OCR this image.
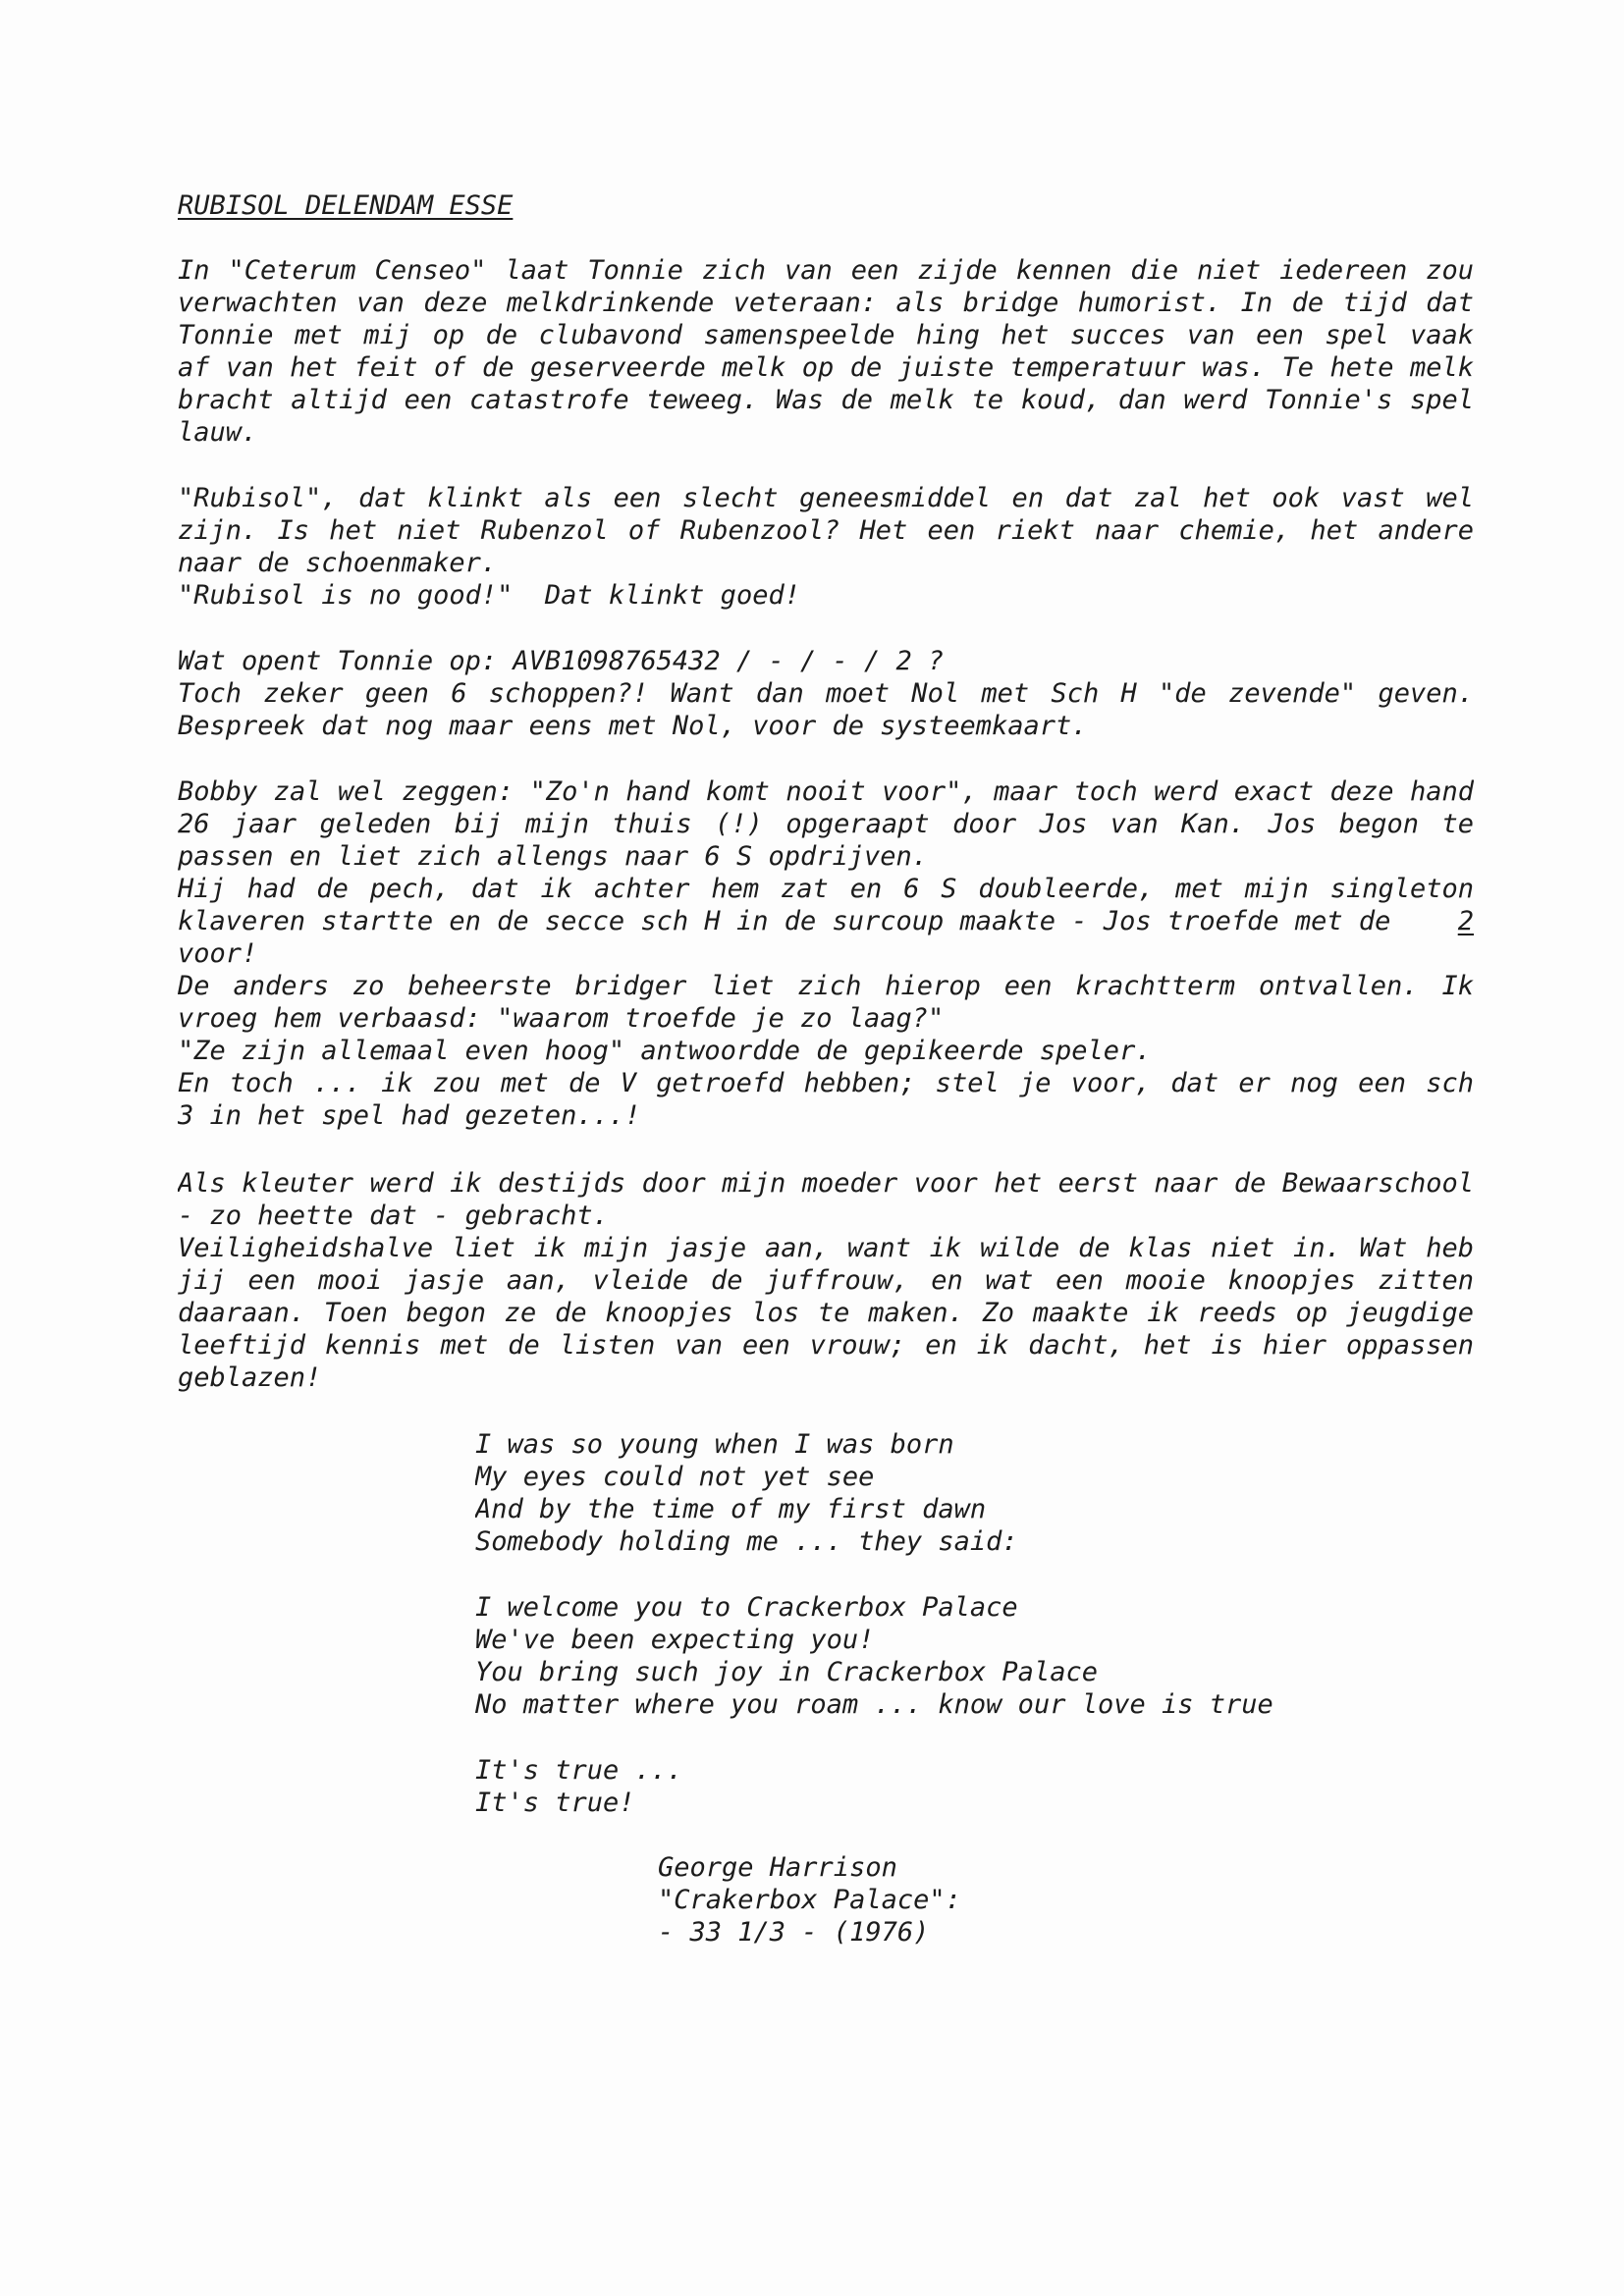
RUBISOL DELENDAM ESSE
In "Ceterum Censeo" laat Tonnie zich van een zijde kennen die niet iedereen zou
verwachten van deze melkdrinkende veteraan: als bridge humorist. In de tijd dat
Tonnie met mij op de clubavond samenspeelde hing het succes van een spel vaak
af van het feit of de geserveerde melk op de juiste temperatuur was. Te hete melk
bracht altijd een catastrofe teweeg. Was de melk te koud, dan werd Tonnie's spel
lauw.
"Rubisol", dat klinkt als een slecht geneesmiddel en dat zal het ook vast wel
zijn. Is het niet Rubenzol of Rubenzool? Het een riekt naar chemie, het andere
naar de schoenmaker.
"Rubisol is no good!"  Dat klinkt goed!
Wat opent Tonnie op: AVB1098765432 / - / - / 2 ?
Toch zeker geen 6 schoppen?! Want dan moet Nol met Sch H "de zevende" geven.
Bespreek dat nog maar eens met Nol, voor de systeemkaart.
Bobby zal wel zeggen: "Zo'n hand komt nooit voor", maar toch werd exact deze hand
26 jaar geleden bij mijn thuis (!) opgeraapt door Jos van Kan. Jos begon te
passen en liet zich allengs naar 6 S opdrijven.
Hij had de pech, dat ik achter hem zat en 6 S doubleerde, met mijn singleton
klaveren startte en de secce sch H in de surcoup maakte - Jos troefde met de	2
voor!
De anders zo beheerste bridger liet zich hierop een krachtterm ontvallen. Ik
vroeg hem verbaasd: "waarom troefde je zo laag?"
"Ze zijn allemaal even hoog" antwoordde de gepikeerde speler.
En toch ... ik zou met de V getroefd hebben; stel je voor, dat er nog een sch
3 in het spel had gezeten...!
Als kleuter werd ik destijds door mijn moeder voor het eerst naar de Bewaarschool
- zo heette dat - gebracht.
Veiligheidshalve liet ik mijn jasje aan, want ik wilde de klas niet in. Wat heb
jij een mooi jasje aan, vleide de juffrouw, en wat een mooie knoopjes zitten
daaraan. Toen begon ze de knoopjes los te maken. Zo maakte ik reeds op jeugdige
leeftijd kennis met de listen van een vrouw; en ik dacht, het is hier oppassen
geblazen!
I was so young when I was born
My eyes could not yet see
And by the time of my first dawn
Somebody holding me ... they said:
I welcome you to Crackerbox Palace
We've been expecting you!
You bring such joy in Crackerbox Palace
No matter where you roam ... know our love is true
It's true ...
It's true!
George Harrison
"Crakerbox Palace":
- 33 1/3 - (1976)
